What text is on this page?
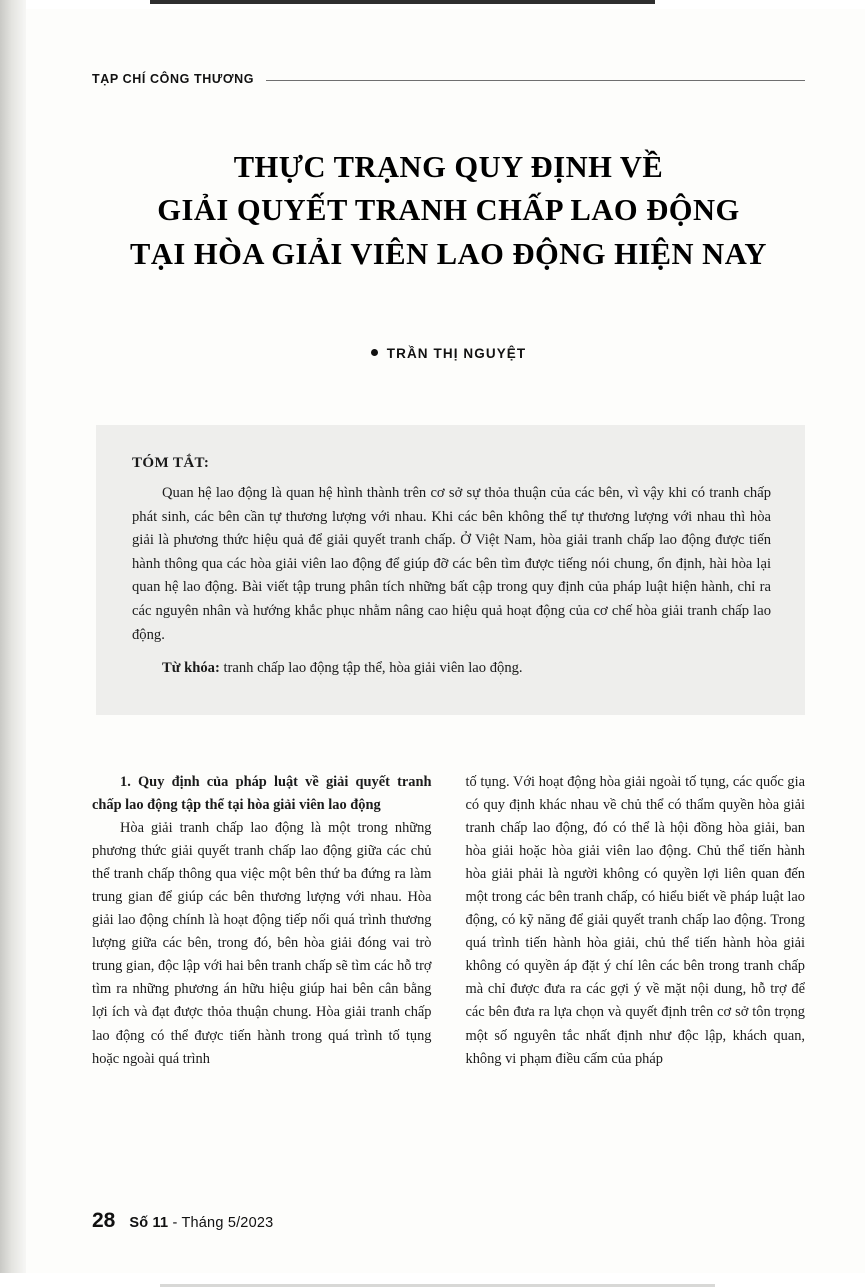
TẠP CHÍ CÔNG THƯƠNG
THỰC TRẠNG QUY ĐỊNH VỀ
GIẢI QUYẾT TRANH CHẤP LAO ĐỘNG
TẠI HÒA GIẢI VIÊN LAO ĐỘNG HIỆN NAY
TRẦN THỊ NGUYỆT
TÓM TẮT:
Quan hệ lao động là quan hệ hình thành trên cơ sở sự thỏa thuận của các bên, vì vậy khi có tranh chấp phát sinh, các bên cần tự thương lượng với nhau. Khi các bên không thể tự thương lượng với nhau thì hòa giải là phương thức hiệu quả để giải quyết tranh chấp. Ở Việt Nam, hòa giải tranh chấp lao động được tiến hành thông qua các hòa giải viên lao động để giúp đỡ các bên tìm được tiếng nói chung, ổn định, hài hòa lại quan hệ lao động. Bài viết tập trung phân tích những bất cập trong quy định của pháp luật hiện hành, chỉ ra các nguyên nhân và hướng khắc phục nhằm nâng cao hiệu quả hoạt động của cơ chế hòa giải tranh chấp lao động.
Từ khóa: tranh chấp lao động tập thể, hòa giải viên lao động.

1. Quy định của pháp luật về giải quyết tranh chấp lao động tập thể tại hòa giải viên lao động

Hòa giải tranh chấp lao động là một trong những phương thức giải quyết tranh chấp lao động giữa các chủ thể tranh chấp thông qua việc một bên thứ ba đứng ra làm trung gian để giúp các bên thương lượng với nhau. Hòa giải lao động chính là hoạt động tiếp nối quá trình thương lượng giữa các bên, trong đó, bên hòa giải đóng vai trò trung gian, độc lập với hai bên tranh chấp sẽ tìm các hỗ trợ tìm ra những phương án hữu hiệu giúp hai bên cân bằng lợi ích và đạt được thỏa thuận chung. Hòa giải tranh chấp lao động có thể được tiến hành trong quá trình tố tụng hoặc ngoài quá trình

tố tụng. Với hoạt động hòa giải ngoài tố tụng, các quốc gia có quy định khác nhau về chủ thể có thẩm quyền hòa giải tranh chấp lao động, đó có thể là hội đồng hòa giải, ban hòa giải hoặc hòa giải viên lao động. Chủ thể tiến hành hòa giải phải là người không có quyền lợi liên quan đến một trong các bên tranh chấp, có hiểu biết về pháp luật lao động, có kỹ năng để giải quyết tranh chấp lao động. Trong quá trình tiến hành hòa giải, chủ thể tiến hành hòa giải không có quyền áp đặt ý chí lên các bên trong tranh chấp mà chỉ được đưa ra các gợi ý về mặt nội dung, hỗ trợ để các bên đưa ra lựa chọn và quyết định trên cơ sở tôn trọng một số nguyên tắc nhất định như độc lập, khách quan, không vi phạm điều cấm của pháp

28 Số 11 - Tháng 5/2023
